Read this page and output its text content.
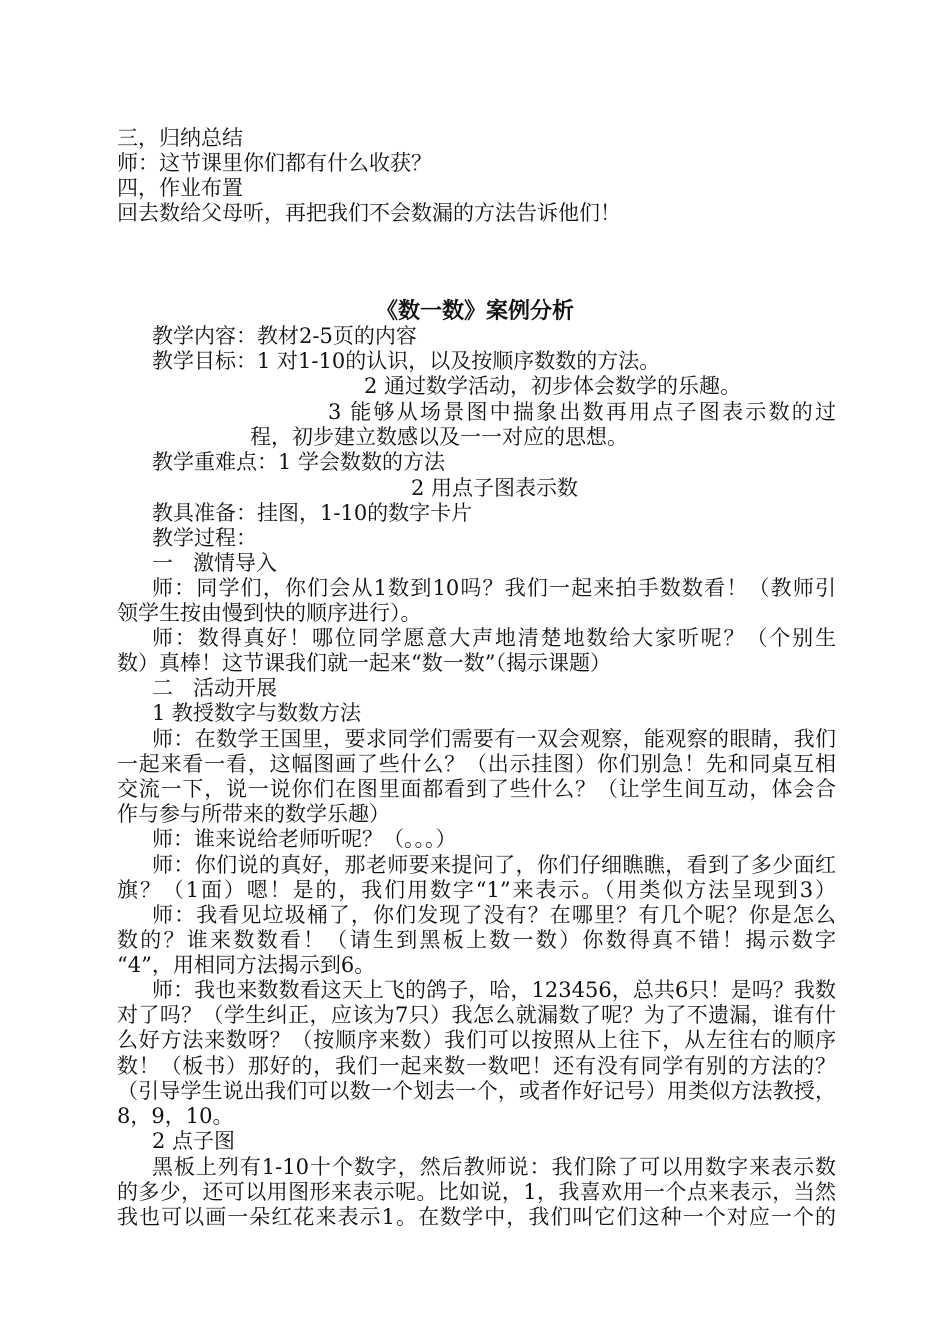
三，归纳总结
师：这节课里你们都有什么收获？
四，作业布置
回去数给父母听，再把我们不会数漏的方法告诉他们！
《数一数》案例分析
教学内容：教材2-5页的内容
教学目标：1 对1-10的认识，以及按顺序数数的方法。
2 通过数学活动，初步体会数学的乐趣。
3 能够从场景图中揣象出数再用点子图表示数的过
程，初步建立数感以及一一对应的思想。
教学重难点：1 学会数数的方法
2 用点子图表示数
教具准备：挂图，1-10的数字卡片
教学过程：
一   激情导入
师：同学们，你们会从1数到10吗？我们一起来拍手数数看！（教师引
领学生按由慢到快的顺序进行）。
师：数得真好！哪位同学愿意大声地清楚地数给大家听呢？（个别生
数）真棒！这节课我们就一起来“数一数”（揭示课题）
二   活动开展
1 教授数字与数数方法
师：在数学王国里，要求同学们需要有一双会观察，能观察的眼睛，我们
一起来看一看，这幅图画了些什么？（出示挂图）你们别急！先和同桌互相
交流一下，说一说你们在图里面都看到了些什么？（让学生间互动，体会合
作与参与所带来的数学乐趣）
师：谁来说给老师听呢？（。。。）
师：你们说的真好，那老师要来提问了，你们仔细瞧瞧，看到了多少面红
旗？（1面）嗯！是的，我们用数字“1”来表示。（用类似方法呈现到3）
师：我看见垃圾桶了，你们发现了没有？在哪里？有几个呢？你是怎么
数的？谁来数数看！（请生到黑板上数一数）你数得真不错！揭示数字
“4”，用相同方法揭示到6。
师：我也来数数看这天上飞的鸽子，哈，123456，总共6只！是吗？我数
对了吗？（学生纠正，应该为7只）我怎么就漏数了呢？为了不遗漏，谁有什
么好方法来数呀？（按顺序来数）我们可以按照从上往下，从左往右的顺序
数！（板书）那好的，我们一起来数一数吧！还有没有同学有别的方法的？
（引导学生说出我们可以数一个划去一个，或者作好记号）用类似方法教授，
8，9，10。
2 点子图
黑板上列有1-10十个数字，然后教师说：我们除了可以用数字来表示数
的多少，还可以用图形来表示呢。比如说，1，我喜欢用一个点来表示，当然
我也可以画一朵红花来表示1。在数学中，我们叫它们这种一个对应一个的
